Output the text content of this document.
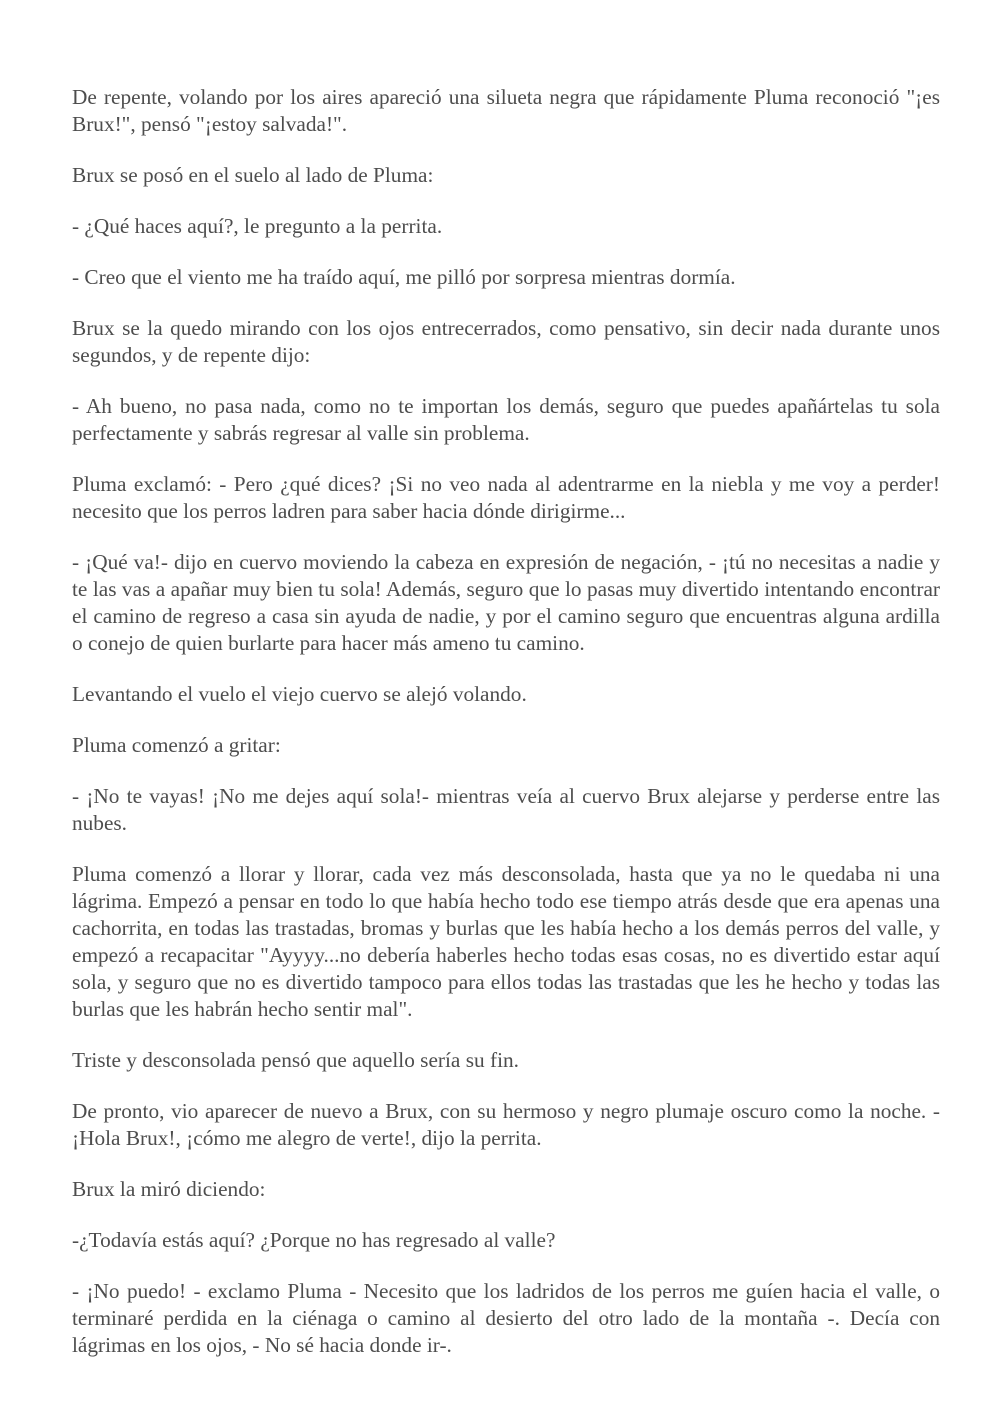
De repente, volando por los aires apareció una silueta negra que rápidamente Pluma reconoció "¡es Brux!", pensó "¡estoy salvada!".

Brux se posó en el suelo al lado de Pluma:

- ¿Qué haces aquí?, le pregunto a la perrita.

- Creo que el viento me ha traído aquí, me pilló por sorpresa mientras dormía.

Brux se la quedo mirando con los ojos entrecerrados, como pensativo, sin decir nada durante unos segundos, y de repente dijo:

- Ah bueno, no pasa nada, como no te importan los demás, seguro que puedes apañártelas tu sola perfectamente y sabrás regresar al valle sin problema.

Pluma exclamó: - Pero ¿qué dices? ¡Si no veo nada al adentrarme en la niebla y me voy a perder! necesito que los perros ladren para saber hacia dónde dirigirme...

- ¡Qué va!- dijo en cuervo moviendo la cabeza en expresión de negación, - ¡tú no necesitas a nadie y te las vas a apañar muy bien tu sola! Además, seguro que lo pasas muy divertido intentando encontrar el camino de regreso a casa sin ayuda de nadie, y por el camino seguro que encuentras alguna ardilla o conejo de quien burlarte para hacer más ameno tu camino.

Levantando el vuelo el viejo cuervo se alejó volando.

Pluma comenzó a gritar:

- ¡No te vayas! ¡No me dejes aquí sola!- mientras veía al cuervo Brux alejarse y perderse entre las nubes.

Pluma comenzó a llorar y llorar, cada vez más desconsolada, hasta que ya no le quedaba ni una lágrima. Empezó a pensar en todo lo que había hecho todo ese tiempo atrás desde que era apenas una cachorrita, en todas las trastadas, bromas y burlas que les había hecho a los demás perros del valle, y empezó a recapacitar "Ayyyy...no debería haberles hecho todas esas cosas, no es divertido estar aquí sola, y seguro que no es divertido tampoco para ellos todas las trastadas que les he hecho y todas las burlas que les habrán hecho sentir mal".

Triste y desconsolada pensó que aquello sería su fin.

De pronto, vio aparecer de nuevo a Brux, con su hermoso y negro plumaje oscuro como la noche. -¡Hola Brux!, ¡cómo me alegro de verte!, dijo la perrita.

Brux la miró diciendo:

-¿Todavía estás aquí? ¿Porque no has regresado al valle?

- ¡No puedo! - exclamo Pluma - Necesito que los ladridos de los perros me guíen hacia el valle, o terminaré perdida en la ciénaga o camino al desierto del otro lado de la montaña -. Decía con lágrimas en los ojos, - No sé hacia donde ir-.
